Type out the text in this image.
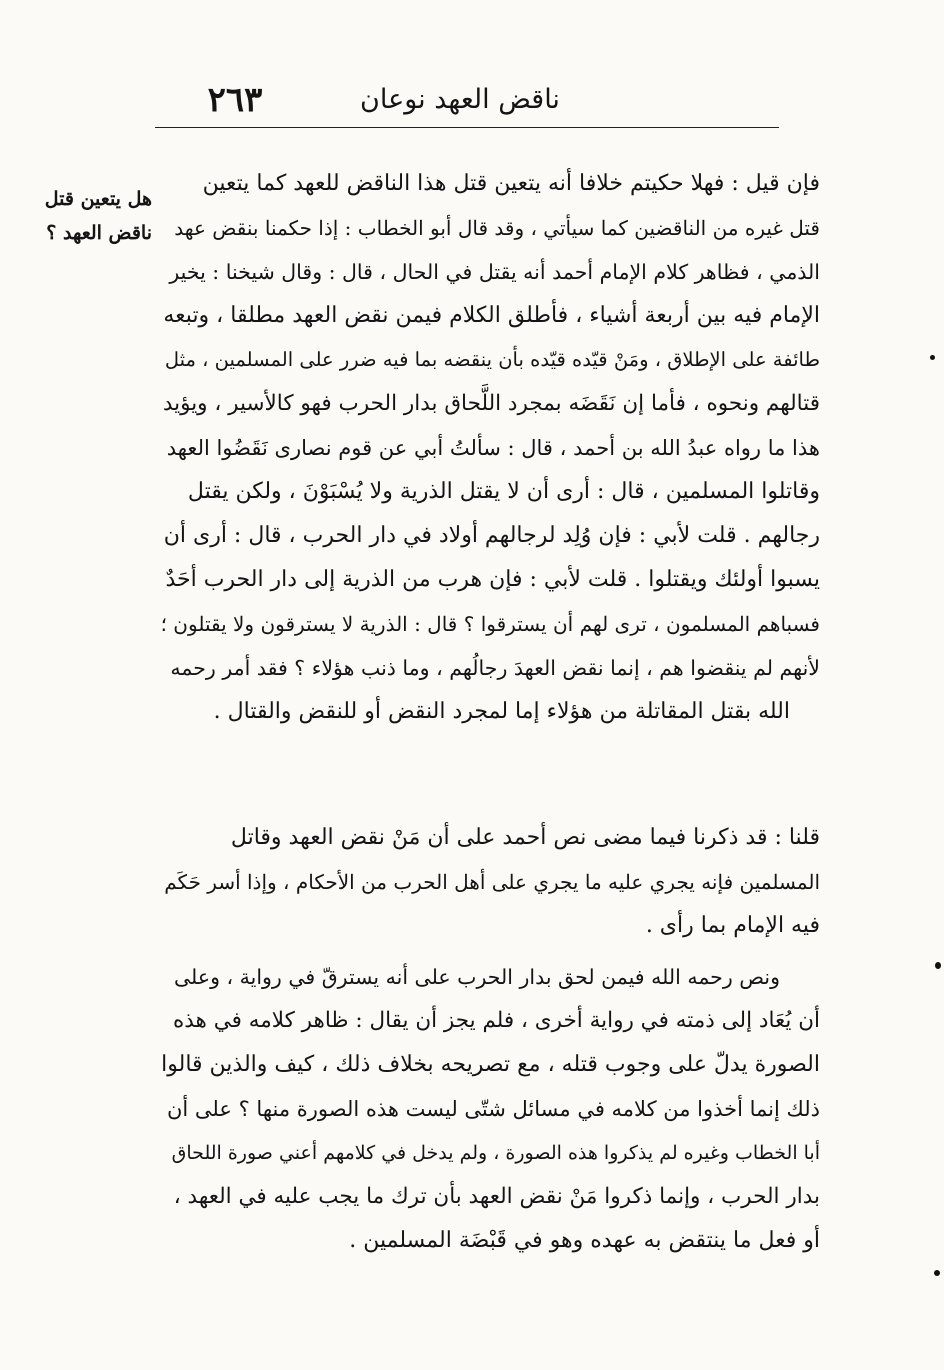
٢٦٣	ناقض العهد نوعان
هل يتعين قتل
ناقض العهد ؟
فإن قيل : فهلا حكيتم خلافا أنه يتعين قتل هذا الناقض للعهد كما يتعين
قتل غيره من الناقضين كما سيأتي ، وقد قال أبو الخطاب : إذا حكمنا بنقض عهد
الذمي ، فظاهر كلام الإمام أحمد أنه يقتل في الحال ، قال : وقال شيخنا : يخير
الإمام فيه بين أربعة أشياء ، فأطلق الكلام فيمن نقض العهد مطلقا ، وتبعه
طائفة على الإطلاق ، ومَنْ قيّده قيّده بأن ينقضه بما فيه ضرر على المسلمين ، مثل
قتالهم ونحوه ، فأما إن نَقَضَه بمجرد اللَّحاق بدار الحرب فهو كالأسير ، ويؤيد
هذا ما رواه عبدُ الله بن أحمد ، قال : سألتُ أبي عن قوم نصارى نَقَضُوا العهد
وقاتلوا المسلمين ، قال : أرى أن لا يقتل الذرية ولا يُسْبَوْنَ ، ولكن يقتل
رجالهم . قلت لأبي : فإن وُلِد لرجالهم أولاد في دار الحرب ، قال : أرى أن
يسبوا أولئك ويقتلوا . قلت لأبي : فإن هرب من الذرية إلى دار الحرب أحَدٌ
فسباهم المسلمون ، ترى لهم أن يسترقوا ؟ قال : الذرية لا يسترقون ولا يقتلون ؛
لأنهم لم ينقضوا هم ، إنما نقض العهدَ رجالُهم ، وما ذنب هؤلاء ؟ فقد أمر رحمه
الله بقتل المقاتلة من هؤلاء إما لمجرد النقض أو للنقض والقتال .
قلنا : قد ذكرنا فيما مضى نص أحمد على أن مَنْ نقض العهد وقاتل
المسلمين فإنه يجري عليه ما يجري على أهل الحرب من الأحكام ، وإذا أسر حَكَم
فيه الإمام بما رأى .
ونص رحمه الله فيمن لحق بدار الحرب على أنه يسترقّ في رواية ، وعلى
أن يُعَاد إلى ذمته في رواية أخرى ، فلم يجز أن يقال : ظاهر كلامه في هذه
الصورة يدلّ على وجوب قتله ، مع تصريحه بخلاف ذلك ، كيف والذين قالوا
ذلك إنما أخذوا من كلامه في مسائل شتّى ليست هذه الصورة منها ؟ على أن
أبا الخطاب وغيره لم يذكروا هذه الصورة ، ولم يدخل في كلامهم أعني صورة اللحاق
بدار الحرب ، وإنما ذكروا مَنْ نقض العهد بأن ترك ما يجب عليه في العهد ،
أو فعل ما ينتقض به عهده وهو في قَبْضَة المسلمين .
